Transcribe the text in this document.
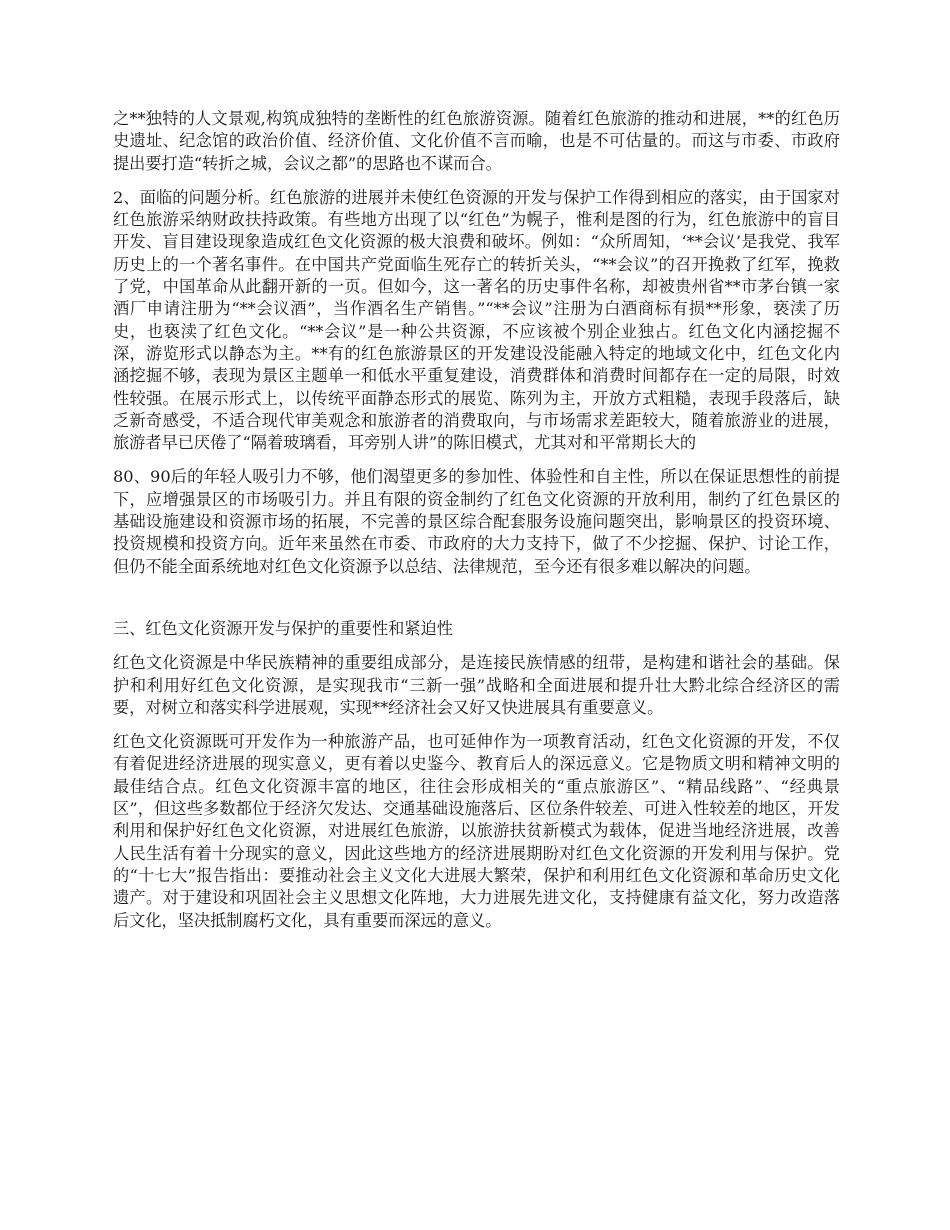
之**独特的人文景观,构筑成独特的垄断性的红色旅游资源。随着红色旅游的推动和进展，**的红色历史遗址、纪念馆的政治价值、经济价值、文化价值不言而喻，也是不可估量的。而这与市委、市政府提出要打造“转折之城，会议之都”的思路也不谋而合。

2、面临的问题分析。红色旅游的进展并未使红色资源的开发与保护工作得到相应的落实，由于国家对红色旅游采纳财政扶持政策。有些地方出现了以“红色”为幌子，惟利是图的行为，红色旅游中的盲目开发、盲目建设现象造成红色文化资源的极大浪费和破坏。例如：“众所周知，‘**会议’是我党、我军历史上的一个著名事件。在中国共产党面临生死存亡的转折关头，“**会议”的召开挽救了红军，挽救了党，中国革命从此翻开新的一页。但如今，这一著名的历史事件名称，却被贵州省**市茅台镇一家酒厂申请注册为“**会议酒”，当作酒名生产销售。”“**会议”注册为白酒商标有损**形象，亵渎了历史，也亵渎了红色文化。“**会议”是一种公共资源，不应该被个别企业独占。红色文化内涵挖掘不深，游览形式以静态为主。**有的红色旅游景区的开发建设没能融入特定的地域文化中，红色文化内涵挖掘不够，表现为景区主题单一和低水平重复建设，消费群体和消费时间都存在一定的局限，时效性较强。在展示形式上，以传统平面静态形式的展览、陈列为主，开放方式粗糙，表现手段落后，缺乏新奇感受，不适合现代审美观念和旅游者的消费取向，与市场需求差距较大，随着旅游业的进展，旅游者早已厌倦了“隔着玻璃看，耳旁别人讲”的陈旧模式，尤其对和平常期长大的

80、90后的年轻人吸引力不够，他们渴望更多的参加性、体验性和自主性，所以在保证思想性的前提下，应增强景区的市场吸引力。并且有限的资金制约了红色文化资源的开放利用，制约了红色景区的基础设施建设和资源市场的拓展，不完善的景区综合配套服务设施问题突出，影响景区的投资环境、投资规模和投资方向。近年来虽然在市委、市政府的大力支持下，做了不少挖掘、保护、讨论工作，但仍不能全面系统地对红色文化资源予以总结、法律规范，至今还有很多难以解决的问题。

三、红色文化资源开发与保护的重要性和紧迫性

红色文化资源是中华民族精神的重要组成部分，是连接民族情感的纽带，是构建和谐社会的基础。保护和利用好红色文化资源，是实现我市“三新一强”战略和全面进展和提升壮大黔北综合经济区的需要，对树立和落实科学进展观，实现**经济社会又好又快进展具有重要意义。

红色文化资源既可开发作为一种旅游产品，也可延伸作为一项教育活动，红色文化资源的开发，不仅有着促进经济进展的现实意义，更有着以史鉴今、教育后人的深远意义。它是物质文明和精神文明的最佳结合点。红色文化资源丰富的地区，往往会形成相关的“重点旅游区”、“精品线路”、“经典景区”，但这些多数都位于经济欠发达、交通基础设施落后、区位条件较差、可进入性较差的地区，开发利用和保护好红色文化资源，对进展红色旅游，以旅游扶贫新模式为载体，促进当地经济进展，改善人民生活有着十分现实的意义，因此这些地方的经济进展期盼对红色文化资源的开发利用与保护。党的“十七大”报告指出：要推动社会主义文化大进展大繁荣，保护和利用红色文化资源和革命历史文化遗产。对于建设和巩固社会主义思想文化阵地，大力进展先进文化，支持健康有益文化，努力改造落后文化，坚决抵制腐朽文化，具有重要而深远的意义。
